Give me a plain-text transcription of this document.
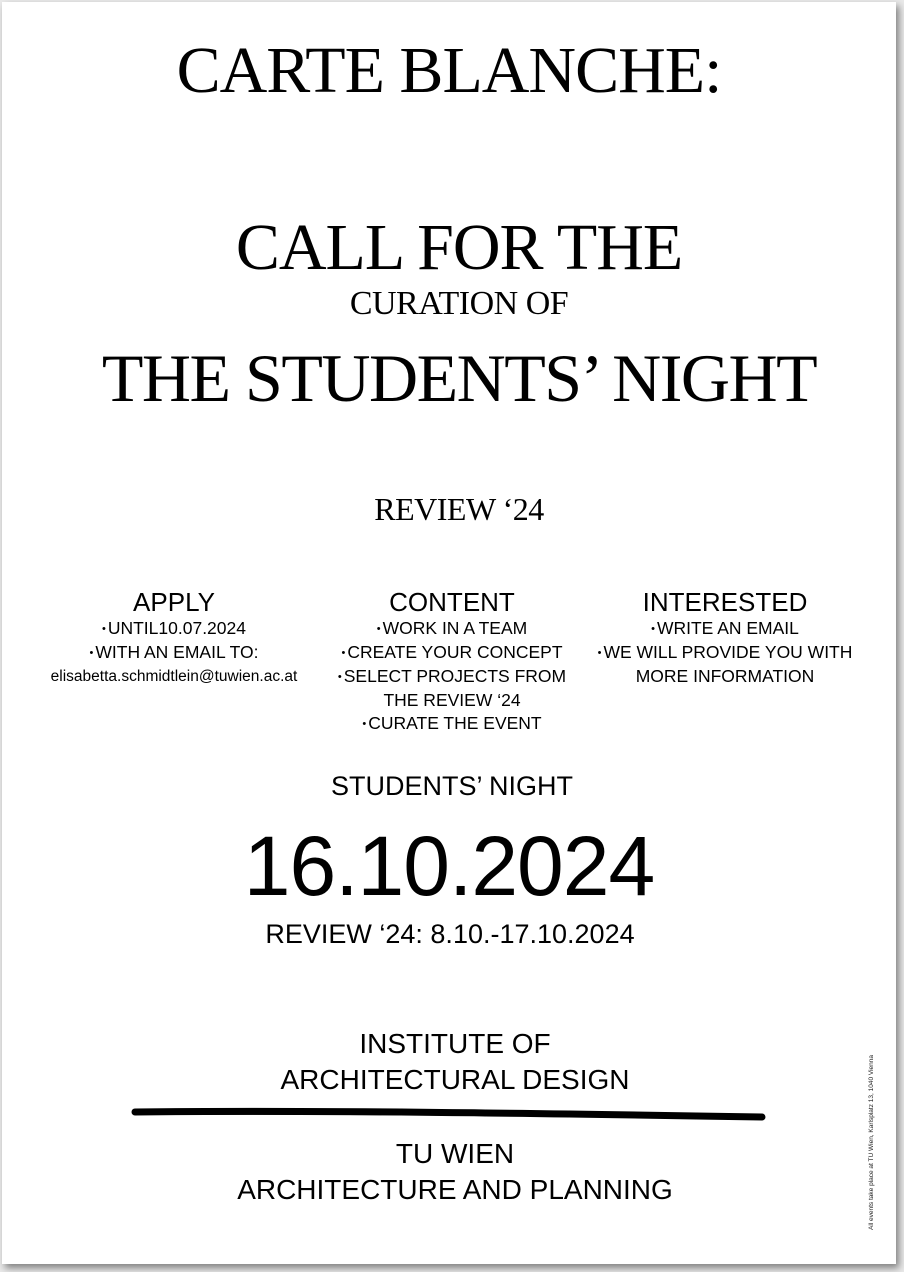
CARTE BLANCHE:
CALL FOR THE
CURATION OF
THE STUDENTS’ NIGHT
REVIEW ‘24
APPLY
• UNTIL10.07.2024
• WITH AN EMAIL TO:
elisabetta.schmidtlein@tuwien.ac.at
CONTENT
• WORK IN A TEAM
• CREATE YOUR CONCEPT
• SELECT PROJECTS FROM
THE REVIEW ‘24
• CURATE THE EVENT
INTERESTED
• WRITE AN EMAIL
• WE WILL PROVIDE YOU WITH
MORE INFORMATION
STUDENTS’ NIGHT
16.10.2024
REVIEW ‘24: 8.10.-17.10.2024
INSTITUTE OF
ARCHITECTURAL DESIGN
TU WIEN
ARCHITECTURE AND PLANNING	All events take place at TU Wien, Karlsplatz 13, 1040 Vienna
